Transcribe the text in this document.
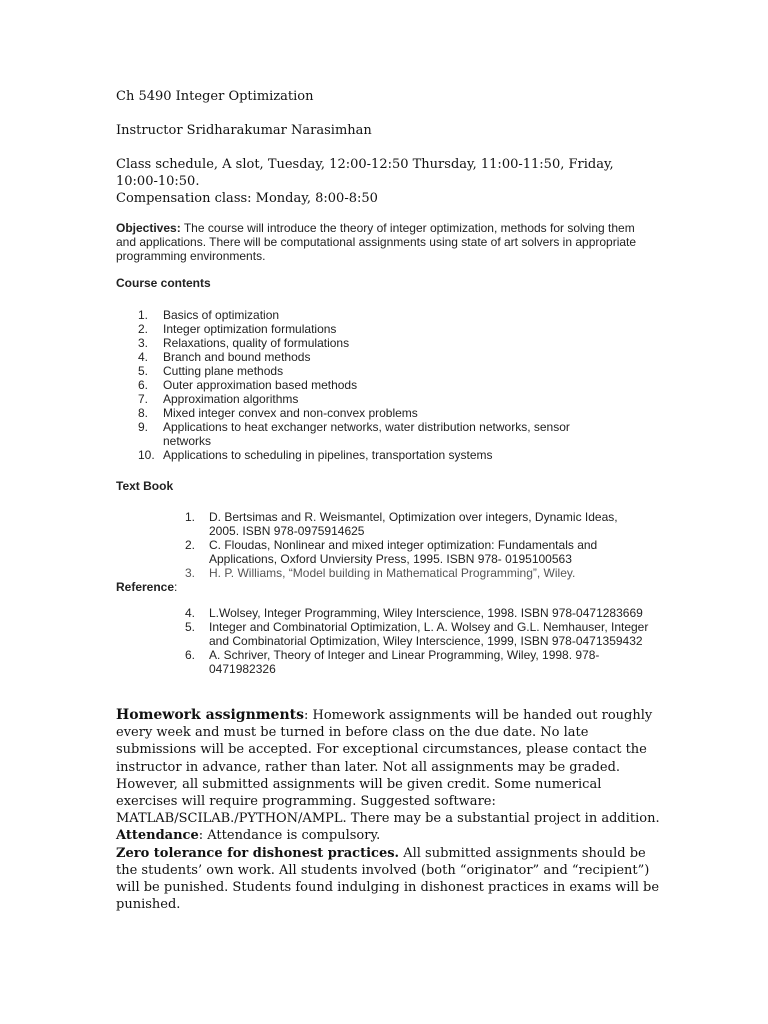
Ch 5490 Integer Optimization
Instructor Sridharakumar Narasimhan
Class schedule, A slot, Tuesday, 12:00-12:50 Thursday, 11:00-11:50, Friday, 10:00-10:50.
Compensation class: Monday, 8:00-8:50
Objectives: The course will introduce the theory of integer optimization, methods for solving them and applications. There will be computational assignments using state of art solvers in appropriate programming environments.
Course contents
1.	Basics of optimization
2.	Integer optimization formulations
3.	Relaxations, quality of formulations
4.	Branch and bound methods
5.	Cutting plane methods
6.	Outer approximation based methods
7.	Approximation algorithms
8.	Mixed integer convex and non-convex problems
9.	Applications to heat exchanger networks, water distribution networks, sensor networks
10. Applications to scheduling in pipelines, transportation systems
Text Book
1.	D. Bertsimas and R. Weismantel, Optimization over integers, Dynamic Ideas, 2005. ISBN 978-0975914625
2.	C. Floudas, Nonlinear and mixed integer optimization: Fundamentals and Applications, Oxford Unviersity Press, 1995. ISBN 978- 0195100563
3.	H. P. Williams, “Model building in Mathematical Programming”, Wiley.
Reference:
4.	L.Wolsey, Integer Programming, Wiley Interscience, 1998. ISBN 978-0471283669
5.	Integer and Combinatorial Optimization, L. A. Wolsey and G.L. Nemhauser, Integer and Combinatorial Optimization, Wiley Interscience, 1999, ISBN 978-0471359432
6.	A. Schriver, Theory of Integer and Linear Programming, Wiley, 1998. 978-0471982326
Homework assignments: Homework assignments will be handed out roughly every week and must be turned in before class on the due date. No late submissions will be accepted. For exceptional circumstances, please contact the instructor in advance, rather than later. Not all assignments may be graded. However, all submitted assignments will be given credit. Some numerical exercises will require programming. Suggested software: MATLAB/SCILAB./PYTHON/AMPL. There may be a substantial project in addition.
Attendance: Attendance is compulsory.
Zero tolerance for dishonest practices. All submitted assignments should be the students’ own work. All students involved (both “originator” and “recipient”) will be punished. Students found indulging in dishonest practices in exams will be punished.
